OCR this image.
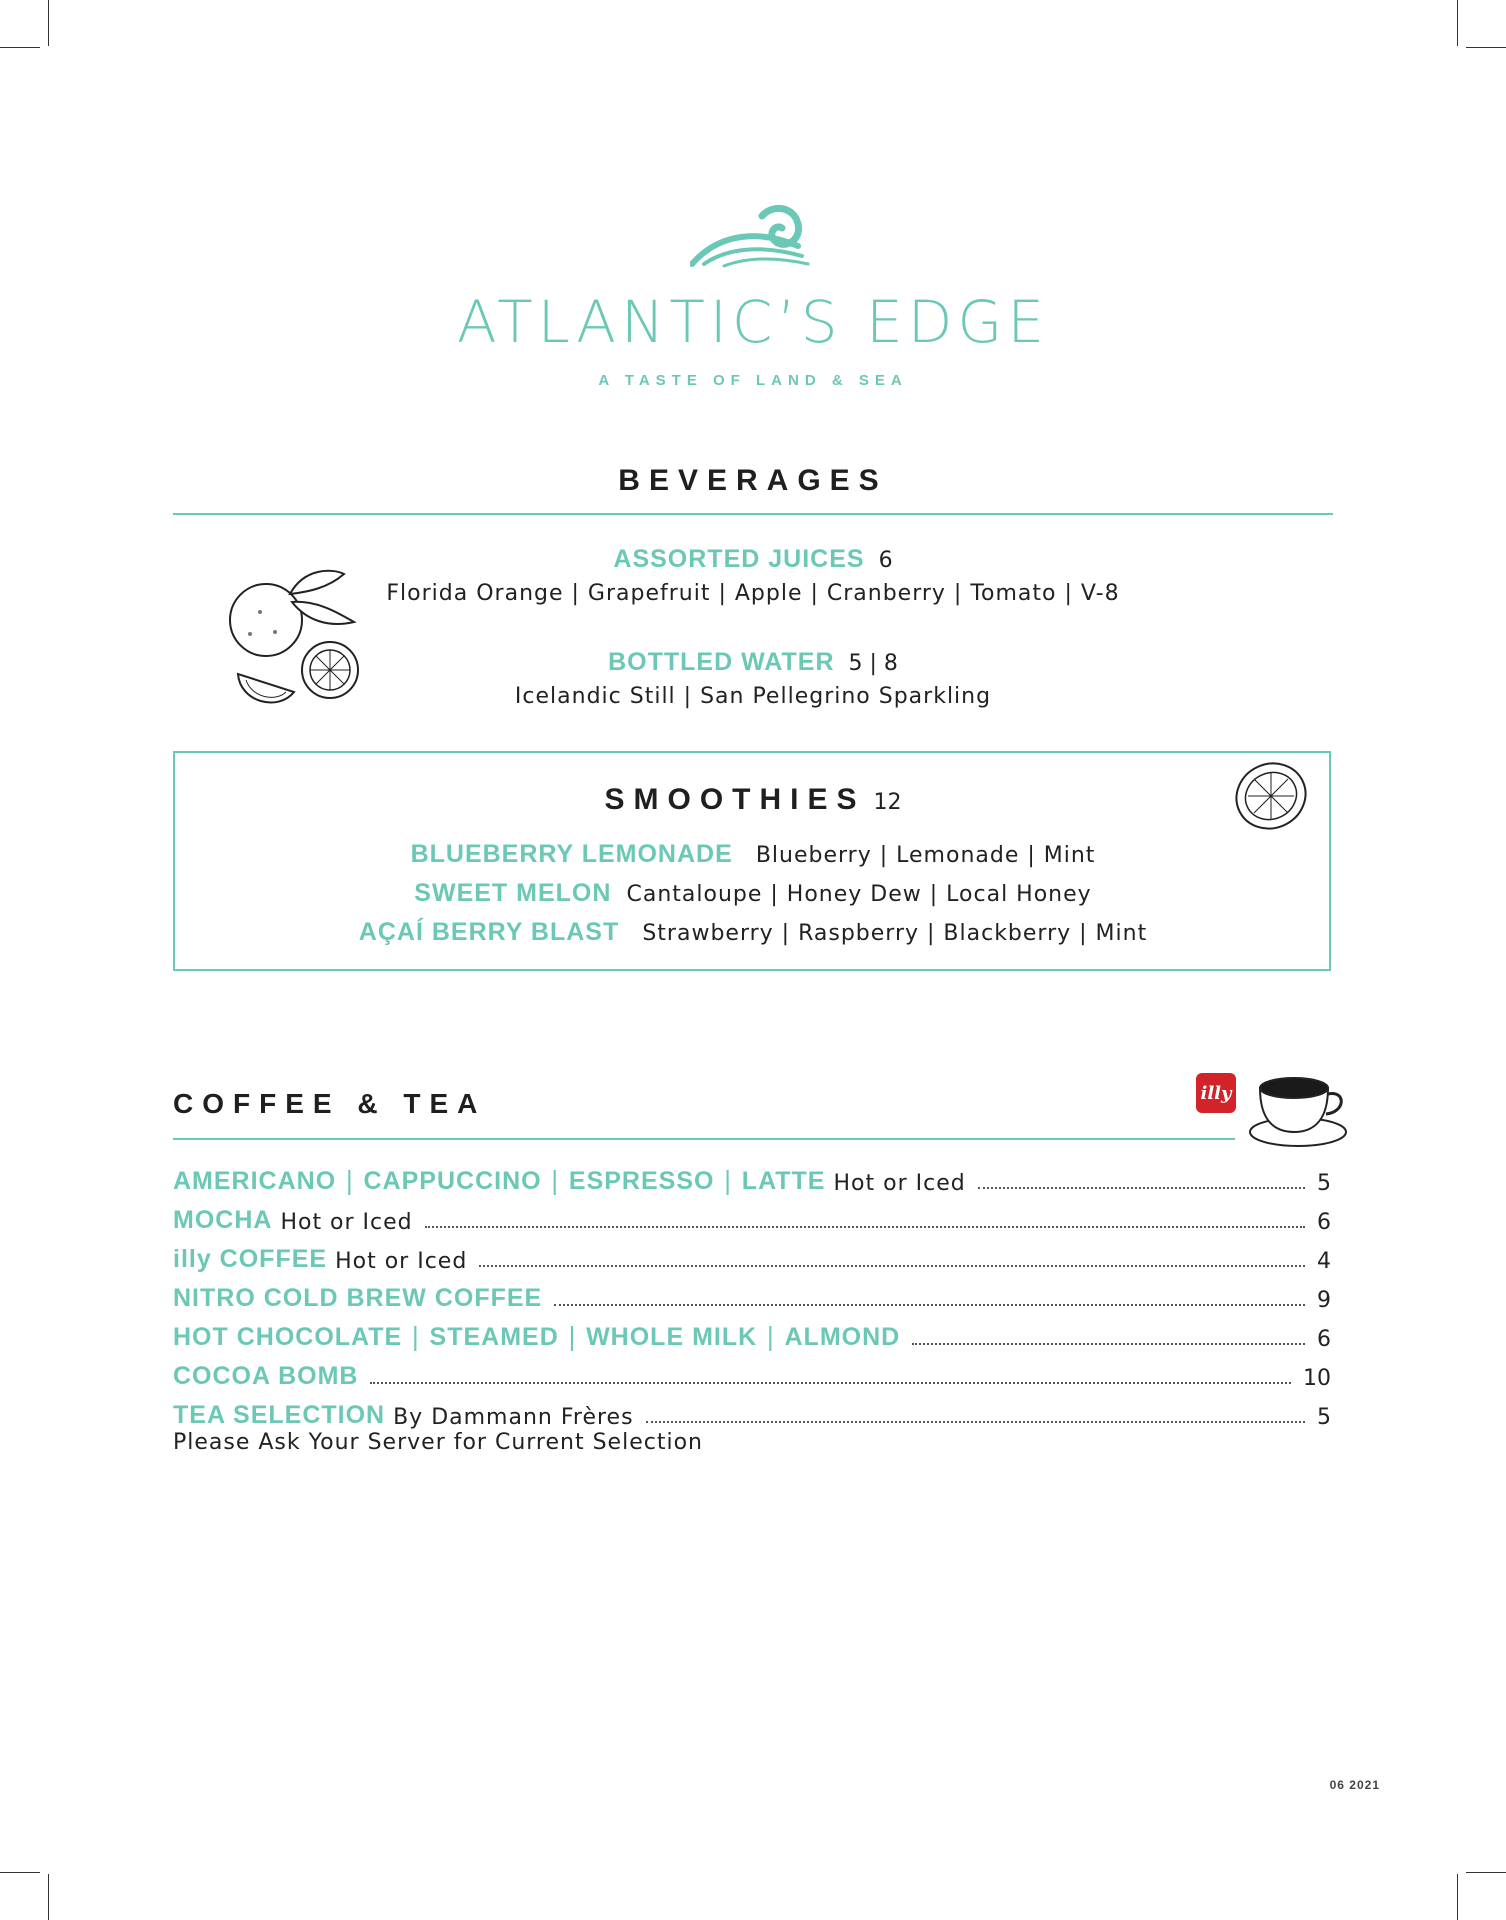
ATLANTIC’S EDGE
A TASTE OF LAND & SEA
BEVERAGES
ASSORTED JUICES 6
Florida Orange | Grapefruit | Apple | Cranberry | Tomato | V-8
BOTTLED WATER 5 | 8
Icelandic Still | San Pellegrino Sparkling
SMOOTHIES 12
BLUEBERRY LEMONADE Blueberry | Lemonade | Mint
SWEET MELON Cantaloupe | Honey Dew | Local Honey
AÇAÍ BERRY BLAST Strawberry | Raspberry | Blackberry | Mint
COFFEE & TEA	illy
AMERICANO | CAPPUCCINO | ESPRESSO | LATTE Hot or Iced	5
MOCHA Hot or Iced	6
illy COFFEE Hot or Iced	4
NITRO COLD BREW COFFEE	9
HOT CHOCOLATE | STEAMED | WHOLE MILK | ALMOND	6
COCOA BOMB	10
TEA SELECTION By Dammann Frères	5
Please Ask Your Server for Current Selection
06 2021
